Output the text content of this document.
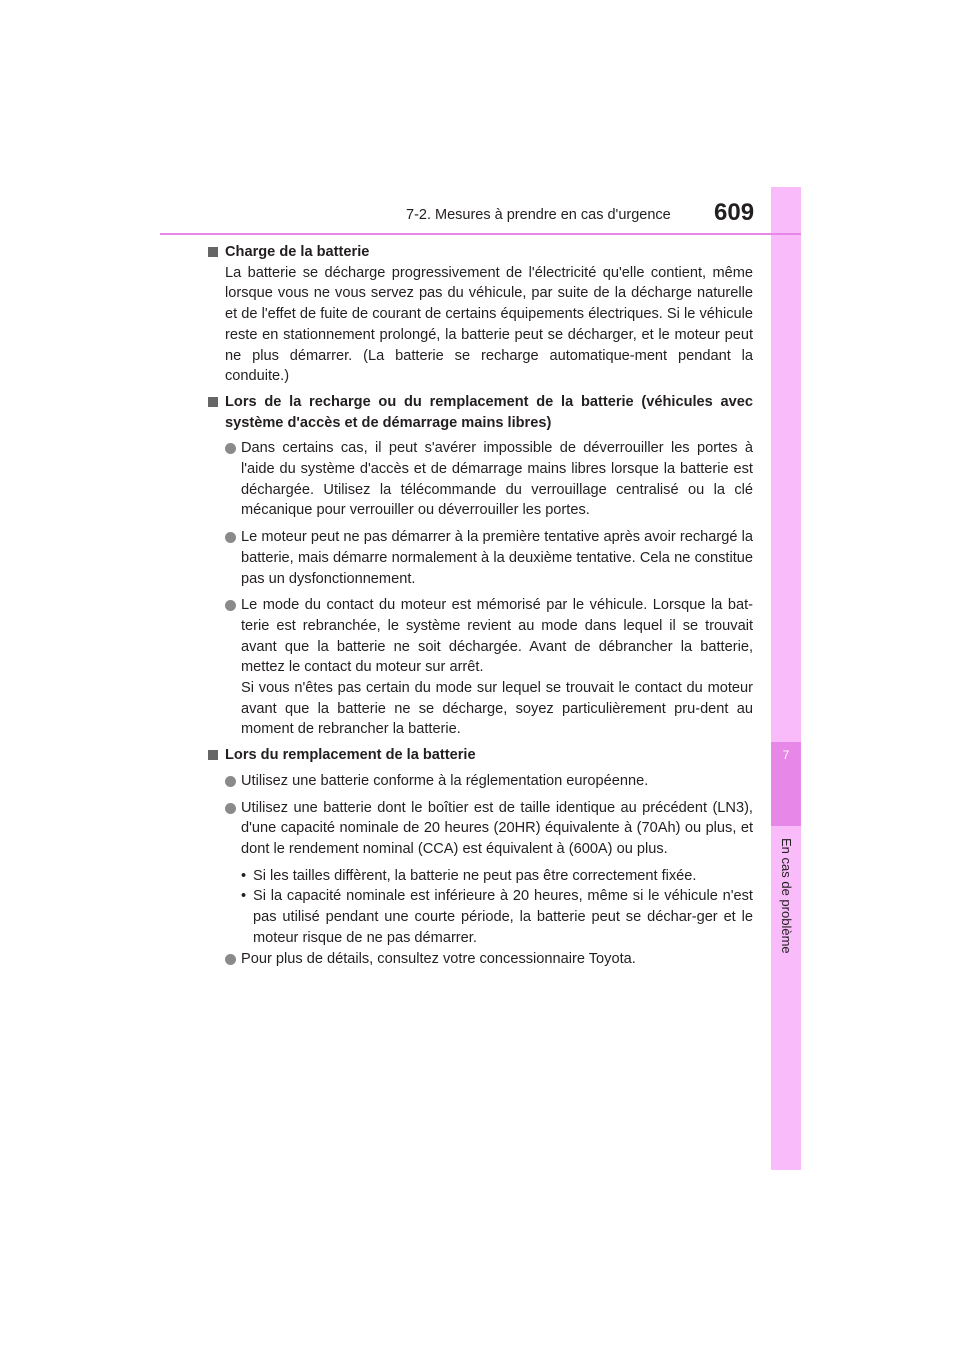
7
7-2. Mesures à prendre en cas d'urgence 609
Charge de la batterie
La batterie se décharge progressivement de l'électricité qu'elle contient, même lorsque vous ne vous servez pas du véhicule, par suite de la décharge naturelle et de l'effet de fuite de courant de certains équipements électriques. Si le véhicule reste en stationnement prolongé, la batterie peut se décharger, et le moteur peut ne plus démarrer. (La batterie se recharge automatique-ment pendant la conduite.)
Lors de la recharge ou du remplacement de la batterie (véhicules avec système d'accès et de démarrage mains libres)
Dans certains cas, il peut s'avérer impossible de déverrouiller les portes à l'aide du système d'accès et de démarrage mains libres lorsque la batterie est déchargée. Utilisez la télécommande du verrouillage centralisé ou la clé mécanique pour verrouiller ou déverrouiller les portes.
Le moteur peut ne pas démarrer à la première tentative après avoir rechargé la batterie, mais démarre normalement à la deuxième tentative. Cela ne constitue pas un dysfonctionnement.
Le mode du contact du moteur est mémorisé par le véhicule. Lorsque la bat-terie est rebranchée, le système revient au mode dans lequel il se trouvait avant que la batterie ne soit déchargée. Avant de débrancher la batterie, mettez le contact du moteur sur arrêt.
Si vous n'êtes pas certain du mode sur lequel se trouvait le contact du moteur avant que la batterie ne se décharge, soyez particulièrement pru-dent au moment de rebrancher la batterie.
Lors du remplacement de la batterie
Utilisez une batterie conforme à la réglementation européenne.
Utilisez une batterie dont le boîtier est de taille identique au précédent (LN3), d'une capacité nominale de 20 heures (20HR) équivalente à (70Ah) ou plus, et dont le rendement nominal (CCA) est équivalent à (600A) ou plus.
• Si les tailles diffèrent, la batterie ne peut pas être correctement fixée.
• Si la capacité nominale est inférieure à 20 heures, même si le véhicule n'est pas utilisé pendant une courte période, la batterie peut se déchar-ger et le moteur risque de ne pas démarrer.
Pour plus de détails, consultez votre concessionnaire Toyota.
